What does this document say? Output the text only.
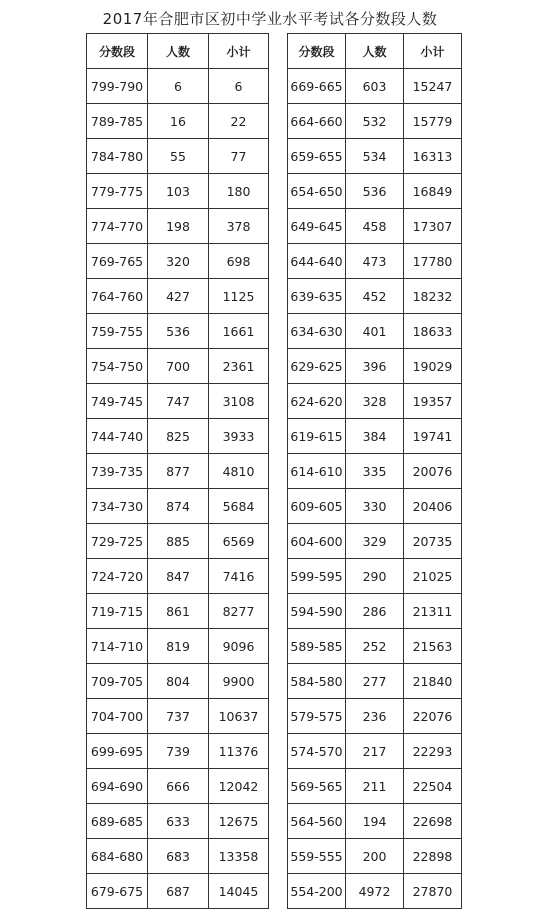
2017年合肥市区初中学业水平考试各分数段人数
分数段	人数	小计
799-790	6	6
789-785	16	22
784-780	55	77
779-775	103	180
774-770	198	378
769-765	320	698
764-760	427	1125
759-755	536	1661
754-750	700	2361
749-745	747	3108
744-740	825	3933
739-735	877	4810
734-730	874	5684
729-725	885	6569
724-720	847	7416
719-715	861	8277
714-710	819	9096
709-705	804	9900
704-700	737	10637
699-695	739	11376
694-690	666	12042
689-685	633	12675
684-680	683	13358
679-675	687	14045
分数段	人数	小计
669-665	603	15247
664-660	532	15779
659-655	534	16313
654-650	536	16849
649-645	458	17307
644-640	473	17780
639-635	452	18232
634-630	401	18633
629-625	396	19029
624-620	328	19357
619-615	384	19741
614-610	335	20076
609-605	330	20406
604-600	329	20735
599-595	290	21025
594-590	286	21311
589-585	252	21563
584-580	277	21840
579-575	236	22076
574-570	217	22293
569-565	211	22504
564-560	194	22698
559-555	200	22898
554-200	4972	27870
